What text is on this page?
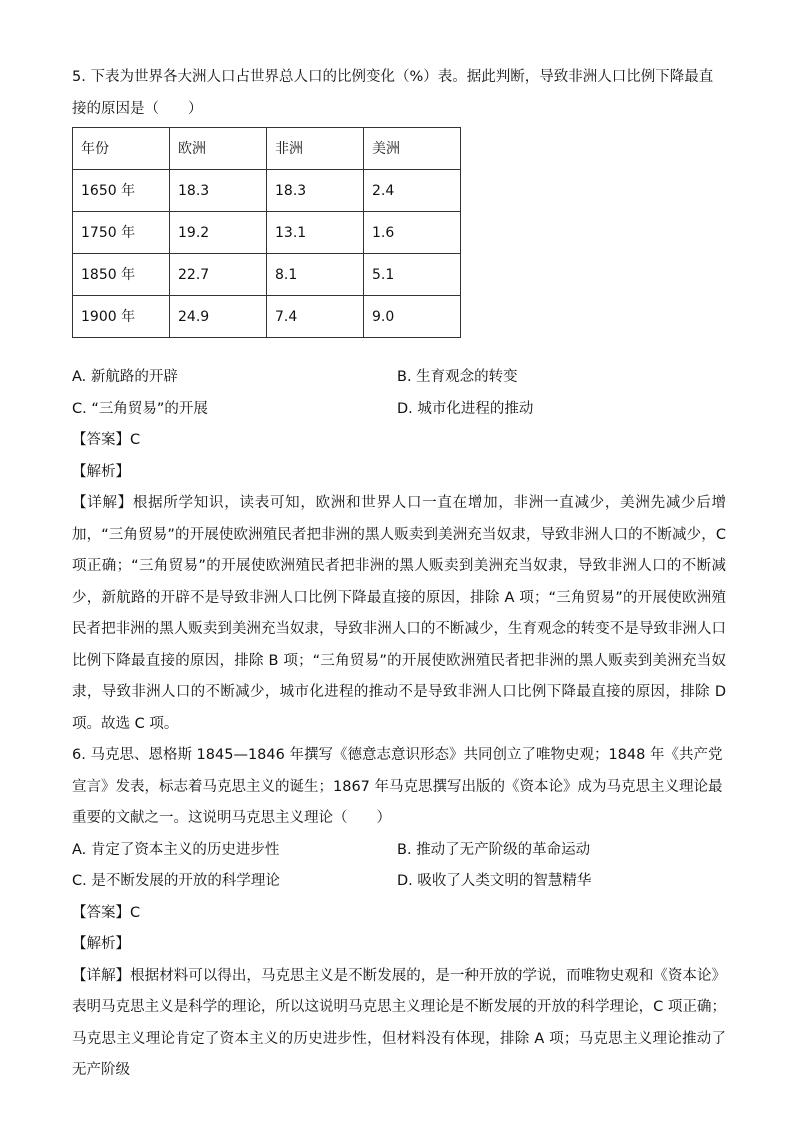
5. 下表为世界各大洲人口占世界总人口的比例变化（%）表。据此判断，导致非洲人口比例下降最直接的原因是（　　）

年份	欧洲	非洲	美洲
1650 年	18.3	18.3	2.4
1750 年	19.2	13.1	1.6
1850 年	22.7	8.1	5.1
1900 年	24.9	7.4	9.0
A. 新航路的开辟	B. 生育观念的转变
C. “三角贸易”的开展	D. 城市化进程的推动

【答案】C

【解析】

【详解】根据所学知识，读表可知，欧洲和世界人口一直在增加，非洲一直减少，美洲先减少后增加，“三角贸易”的开展使欧洲殖民者把非洲的黑人贩卖到美洲充当奴隶，导致非洲人口的不断减少，C 项正确；“三角贸易”的开展使欧洲殖民者把非洲的黑人贩卖到美洲充当奴隶，导致非洲人口的不断减少，新航路的开辟不是导致非洲人口比例下降最直接的原因，排除 A 项；“三角贸易”的开展使欧洲殖民者把非洲的黑人贩卖到美洲充当奴隶，导致非洲人口的不断减少，生育观念的转变不是导致非洲人口比例下降最直接的原因，排除 B 项；“三角贸易”的开展使欧洲殖民者把非洲的黑人贩卖到美洲充当奴隶，导致非洲人口的不断减少，城市化进程的推动不是导致非洲人口比例下降最直接的原因，排除 D 项。故选 C 项。

6. 马克思、恩格斯 1845—1846 年撰写《德意志意识形态》共同创立了唯物史观；1848 年《共产党宣言》发表，标志着马克思主义的诞生；1867 年马克思撰写出版的《资本论》成为马克思主义理论最重要的文献之一。这说明马克思主义理论（　　）

A. 肯定了资本主义的历史进步性	B. 推动了无产阶级的革命运动
C. 是不断发展的开放的科学理论	D. 吸收了人类文明的智慧精华

【答案】C

【解析】

【详解】根据材料可以得出，马克思主义是不断发展的，是一种开放的学说，而唯物史观和《资本论》表明马克思主义是科学的理论，所以这说明马克思主义理论是不断发展的开放的科学理论，C 项正确；马克思主义理论肯定了资本主义的历史进步性，但材料没有体现，排除 A 项；马克思主义理论推动了无产阶级
